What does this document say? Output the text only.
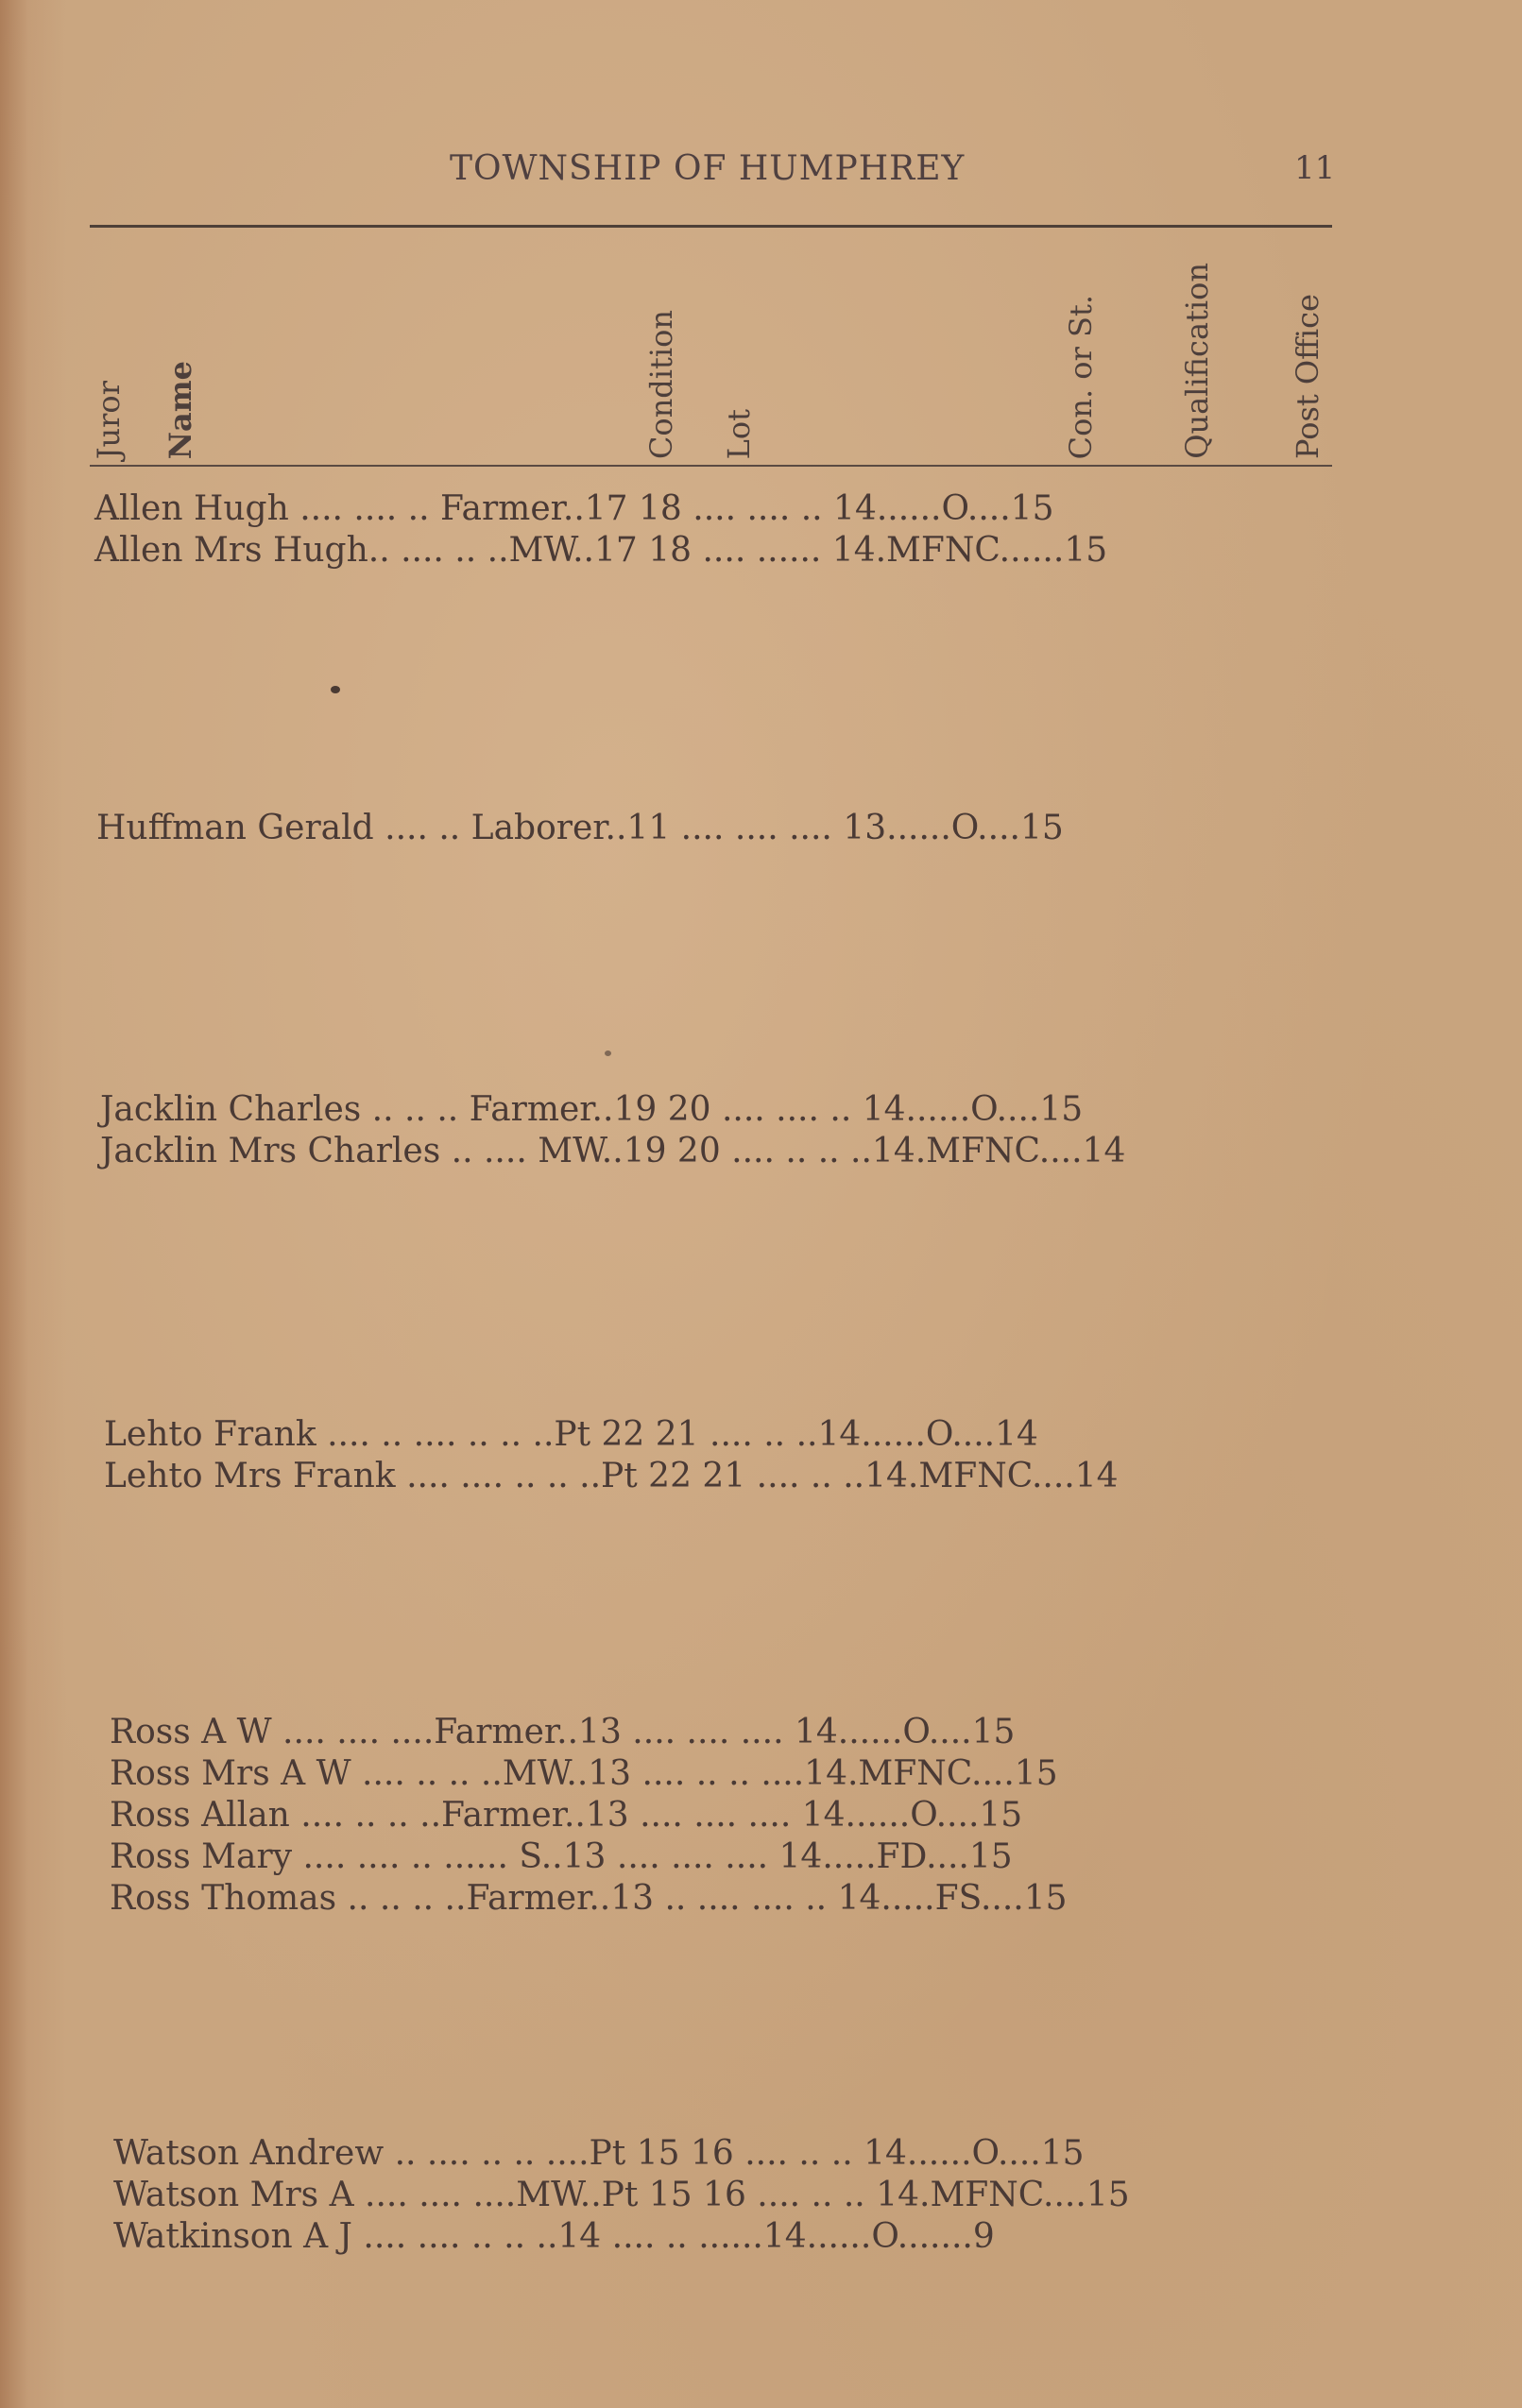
TOWNSHIP OF HUMPHREY	11
Juror Name	Condition Lot	Con. or St.	Qualification Post Office
Allen Hugh .... .... .. Farmer..17 18 .... .... .. 14......O....15
Allen Mrs Hugh.. .... .. ..MW..17 18 .... ...... 14.MFNC......15
Huffman Gerald .... .. Laborer..11 .... .... .... 13......O....15
Jacklin Charles .. .. .. Farmer..19 20 .... .... .. 14......O....15
Jacklin Mrs Charles .. .... MW..19 20 .... .. .. ..14.MFNC....14
Lehto Frank .... .. .... .. .. ..Pt 22 21 .... .. ..14......O....14
Lehto Mrs Frank .... .... .. .. ..Pt 22 21 .... .. ..14.MFNC....14
Ross A W .... .... ....Farmer..13 .... .... .... 14......O....15
Ross Mrs A W .... .. .. ..MW..13 .... .. .. ....14.MFNC....15
Ross Allan .... .. .. ..Farmer..13 .... .... .... 14......O....15
Ross Mary .... .... .. ...... S..13 .... .... .... 14.....FD....15
Ross Thomas .. .. .. ..Farmer..13 .. .... .... .. 14.....FS....15
Watson Andrew .. .... .. .. ....Pt 15 16 .... .. .. 14......O....15
Watson Mrs A .... .... ....MW..Pt 15 16 .... .. .. 14.MFNC....15
Watkinson A J .... .... .. .. ..14 .... .. ......14......O.......9
